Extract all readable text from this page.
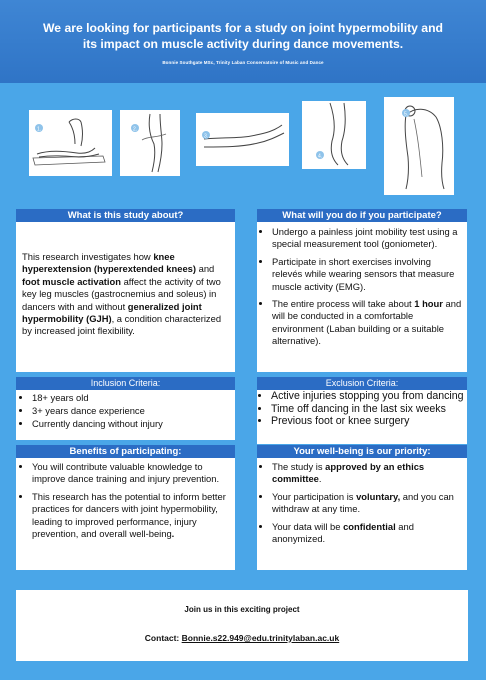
We are looking for participants for a study on joint hypermobility and its impact on muscle activity during dance movements.
Bonnie Southgate MSc, Trinity Laban Conservatoire of Music and Dance
1.	2.
3.
4.
5.
What is this study about?
This research investigates how knee hyperextension (hyperextended knees) and foot muscle activation affect the activity of two key leg muscles (gastrocnemius and soleus) in dancers with and without generalized joint hypermobility (GJH), a condition characterized by increased joint flexibility.
What will you do if you participate?
• Undergo a painless joint mobility test using a special measurement tool (goniometer).
• Participate in short exercises involving relevés while wearing sensors that measure muscle activity (EMG).
• The entire process will take about 1 hour and will be conducted in a comfortable environment (Laban building or a suitable alternative).
Inclusion Criteria:
• 18+ years old
• 3+ years dance experience
• Currently dancing without injury
Exclusion Criteria:
• Active injuries stopping you from dancing
• Time off dancing in the last six weeks
• Previous foot or knee surgery
Benefits of participating:
• You will contribute valuable knowledge to improve dance training and injury prevention.
• This research has the potential to inform better practices for dancers with joint hypermobility, leading to improved performance, injury prevention, and overall well-being.
Your well-being is our priority:
• The study is approved by an ethics committee.
• Your participation is voluntary, and you can withdraw at any time.
• Your data will be confidential and anonymized.
Join us in this exciting project
Contact: Bonnie.s22.949@edu.trinitylaban.ac.uk
